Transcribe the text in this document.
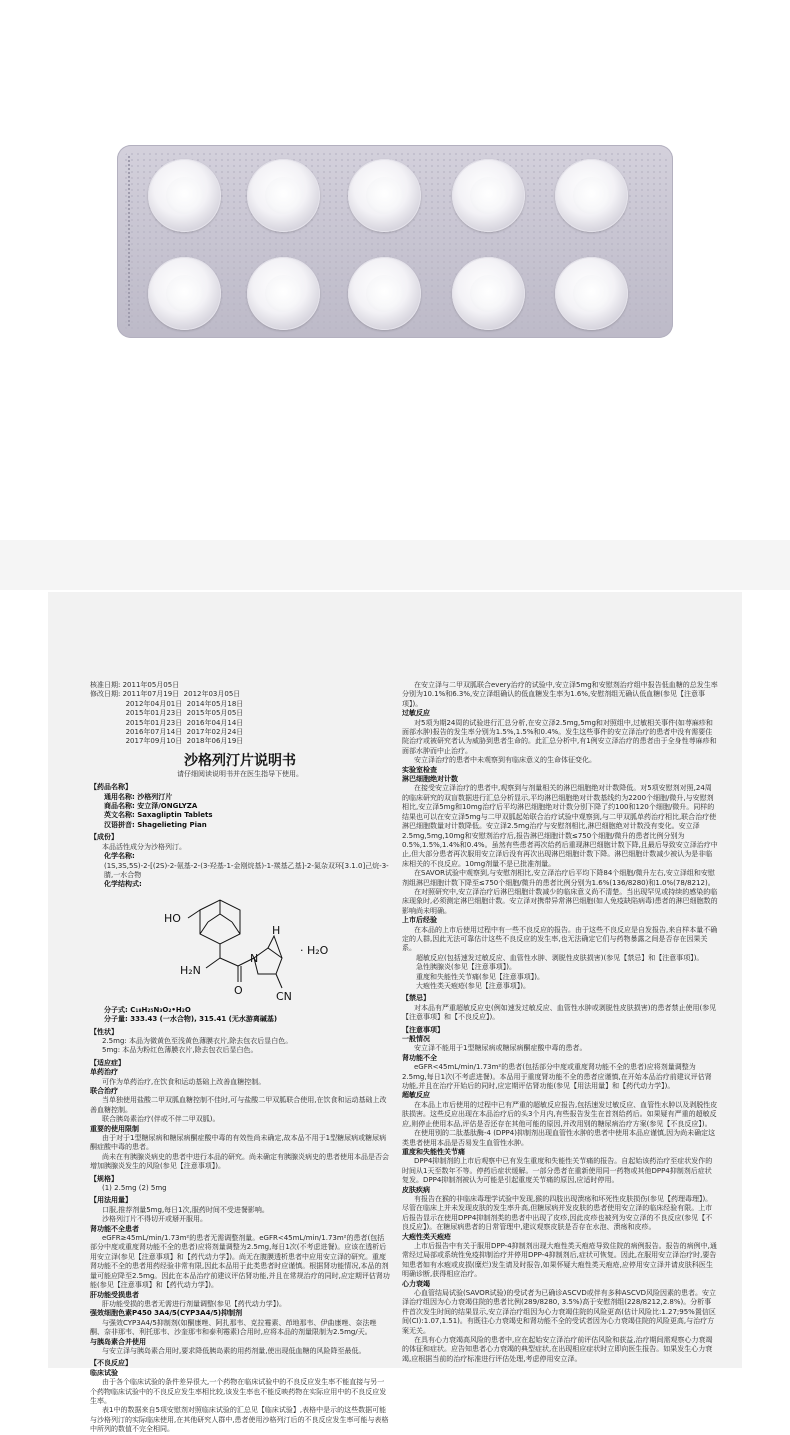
核准日期: 2011年05月05日
修改日期: 2011年07月19日  2012年03月05日
2012年04月01日  2014年05月18日
2015年01月23日  2015年05月05日
2015年01月23日  2016年04月14日
2016年07月14日  2017年02月24日
2017年09月10日  2018年06月19日
沙格列汀片说明书
请仔细阅读说明书并在医生指导下使用。
【药品名称】
通用名称: 沙格列汀片
商品名称: 安立泽/ONGLYZA
英文名称: Saxagliptin Tablets
汉语拼音: Shagelieting Pian
【成份】
本品活性成分为沙格列汀。
化学名称:
(1S,3S,5S)-2-[(2S)-2-氨基-2-(3-羟基-1-金刚烷基)-1-羰基乙基]-2-氮杂双环[3.1.0]己烷-3-腈,一水合物
化学结构式:
HO
H₂N
O
N
H
CN
· H₂O
分子式: C₁₈H₂₅N₃O₂•H₂O
分子量: 333.43 (一水合物), 315.41 (无水游离碱基)
【性状】
2.5mg: 本品为微黄色至浅黄色薄膜衣片,除去包衣后显白色。
5mg: 本品为粉红色薄膜衣片,除去包衣后显白色。
【适应症】
单药治疗
可作为单药治疗,在饮食和运动基础上改善血糖控制。
联合治疗
当单独使用盐酸二甲双胍血糖控制不佳时,可与盐酸二甲双胍联合使用,在饮食和运动基础上改善血糖控制。
联合胰岛素治疗(伴或不伴二甲双胍)。
重要的使用限制
由于对于1型糖尿病和糖尿病酮症酸中毒的有效性尚未确定,故本品不用于1型糖尿病或糖尿病酮症酸中毒的患者。
尚未在有胰腺炎病史的患者中进行本品的研究。尚未确定有胰腺炎病史的患者使用本品是否会增加胰腺炎发生的风险(参见【注意事项】)。
【规格】
(1) 2.5mg (2) 5mg
【用法用量】
口服,推荐剂量5mg,每日1次,服药时间不受进餐影响。
沙格列汀片不得切开或掰开服用。
肾功能不全患者
eGFR≥45mL/min/1.73m²的患者无需调整剂量。eGFR<45mL/min/1.73m²的患者(包括部分中度或重度肾功能不全的患者)应将剂量调整为2.5mg,每日1次(不考虑进餐)。应该在透析后用安立泽(参见【注意事项】和【药代动力学】)。尚无在腹膜透析患者中应用安立泽的研究。重度肾功能不全的患者用药经验非常有限,因此本品用于此类患者时应谨慎。根据肾功能情况,本品的剂量可能应降至2.5mg。因此在本品治疗前建议评估肾功能,并且在常规治疗的同时,应定期评估肾功能(参见【注意事项】和【药代动力学】)。
肝功能受损患者
肝功能受损的患者无需进行剂量调整(参见【药代动力学】)。
强效细胞色素P450 3A4/5(CYP3A4/5)抑制剂
与强效CYP3A4/5抑制剂(如酮康唑、阿扎那韦、克拉霉素、茚地那韦、伊曲康唑、奈法唑酮、奈非那韦、利托那韦、沙奎那韦和泰利霉素)合用时,应将本品的剂量限制为2.5mg/天。
与胰岛素合并使用
与安立泽与胰岛素合用时,要求降低胰岛素的用药剂量,使出现低血糖的风险降至最低。
【不良反应】
临床试验
由于各个临床试验的条件差异很大,一个药物在临床试验中的不良反应发生率不能直接与另一个药物临床试验中的不良反应发生率相比较,该发生率也不能反映药物在实际应用中的不良反应发生率。
表1中的数据来自5项安慰剂对照临床试验的汇总见【临床试验】,表格中是示的这些数据可能与沙格列汀的实际临床使用,在其他研究人群中,患者使用沙格列汀后的不良反应发生率可能与表格中所列的数值不完全相同。
在安立泽与二甲双胍联合every治疗的试验中,安立泽5mg和安慰剂治疗组中报告低血糖的总发生率分别为10.1%和6.3%,安立泽组确认的低血糖发生率为1.6%,安慰剂组无确认低血糖(参见【注意事项】)。
过敏反应
对5项为期24周的试验进行汇总分析,在安立泽2.5mg,5mg和对照组中,过敏相关事件(如荨麻疹和面部水肿)报告的发生率分别为1.5%,1.5%和0.4%。发生这些事件的安立泽治疗的患者中没有需要住院治疗或被研究者认为威胁到患者生命的。此汇总分析中,有1例安立泽治疗的患者由于全身性荨麻疹和面部水肿而中止治疗。
安立泽治疗的患者中未观察到有临床意义的生命体征变化。
实验室检查
淋巴细胞绝对计数
在接受安立泽治疗的患者中,观察到与剂量相关的淋巴细胞绝对计数降低。对5项安慰剂对照,24周的临床研究的双盲数据进行汇总分析显示,平均淋巴细胞绝对计数基线约为2200个细胞/微升,与安慰剂相比,安立泽5mg和10mg治疗后平均淋巴细胞绝对计数分别下降了约100和120个细胞/微升。同样的结果也可以在安立泽5mg与二甲双胍起始联合治疗试验中观察到,与二甲双胍单药治疗相比,联合治疗使淋巴细胞数量对计数降低。安立泽2.5mg治疗与安慰剂相比,淋巴细胞绝对计数没有变化。安立泽2.5mg,5mg,10mg和安慰剂治疗后,报告淋巴细胞计数≤750个细胞/微升的患者比例分别为0.5%,1.5%,1.4%和0.4%。虽然有些患者再次给药后重现淋巴细胞计数下降,且最后导致安立泽治疗中止,但大部分患者再次服用安立泽后没有再次出现淋巴细胞计数下降。淋巴细胞计数减少被认为是非临床相关的不良反应。10mg剂量不是已批准剂量。
在SAVOR试验中观察到,与安慰剂相比,安立泽治疗后平均下降84个细胞/微升左右,安立泽组和安慰剂组淋巴细胞计数下降至≤750个细胞/微升的患者比例分别为1.6%(136/8280)和1.0%(78/8212)。
在对照研究中,安立泽治疗后淋巴细胞计数减少的临床意义尚不清楚。当出现罕见或持续的感染的临床现象时,必须测定淋巴细胞计数。安立泽对携带异常淋巴细胞(如人免疫缺陷病毒)患者的淋巴细胞数的影响尚未明确。
上市后经验
在本品的上市后使用过程中有一些不良反应的报告。由于这些不良反应是自发报告,来自样本量不确定的人群,因此无法可靠估计这些不良反应的发生率,也无法确定它们与药物暴露之间是否存在因果关系。
超敏反应(包括速发过敏反应、血管性水肿、剥脱性皮肤损害)(参见【禁忌】和【注意事项】)。
急性胰腺炎(参见【注意事项】)。
重度和失能性关节痛(参见【注意事项】)。
大疱性类天疱疮(参见【注意事项】)。
【禁忌】
对本品有严重超敏反应史(例如速发过敏反应、血管性水肿或剥脱性皮肤损害)的患者禁止使用(参见【注意事项】和【不良反应】)。
【注意事项】
一般情况
安立泽不能用于1型糖尿病或糖尿病酮症酸中毒的患者。
肾功能不全
eGFR<45mL/min/1.73m²的患者(包括部分中度或重度肾功能不全的患者)应将剂量调整为2.5mg,每日1次(不考虑进餐)。本品用于重度肾功能不全的患者应谨慎,在开始本品治疗前建议评估肾功能,并且在治疗开始后的同时,应定期评估肾功能(参见【用法用量】和【药代动力学】)。
超敏反应
在本品上市后使用的过程中已有严重的超敏反应报告,包括速发过敏反应、血管性水肿以及剥脱性皮肤损害。这些反应出现在本品治疗后的头3个月内,有些报告发生在首剂给药后。如果疑有严重的超敏反应,则停止使用本品,评估是否还存在其他可能的原因,并改用别的糖尿病治疗方案(参见【不良反应】)。
在使用别的二肽基肽酶-4 (DPP4)抑制剂出现血管性水肿的患者中使用本品应谨慎,因为尚未确定这类患者使用本品是否易发生血管性水肿。
重度和失能性关节痛
DPP4抑制剂的上市后观察中已有发生重度和失能性关节痛的报告。自起始该药治疗至症状发作的时间从1天至数年不等。停药后症状缓解。一部分患者在重新使用同一药物或其他DPP4抑制剂后症状复发。DPP4抑制剂被认为可能是引起重度关节痛的原因,应适时停用。
皮肤疾病
有报告在猴的非临床毒理学试验中发现,猴的四肢出现溃疡和坏死性皮肤损伤(参见【药理毒理】)。尽管在临床上并未发现皮肤的发生率升高,但糖尿病并发皮肤的患者使用安立泽的临床经验有限。上市后报告显示在使用DPP4抑制剂类的患者中出现了皮疹,因此皮疹也被列为安立泽的不良反应(参见【不良反应】)。在糖尿病患者的日常管理中,建议观察皮肤是否存在水泡、溃疡和皮疹。
大疱性类天疱疮
上市后报告中有关于服用DPP-4抑制剂出现大疱性类天疱疮导致住院的病例报告。报告的病例中,通常经过局部或系统性免疫抑制治疗并停用DPP-4抑制剂后,症状可恢复。因此,在服用安立泽治疗时,要告知患者如有水疱或皮损(糜烂)发生请及时报告,如果怀疑大疱性类天疱疮,应停用安立泽并请皮肤科医生明确诊断,获得相应治疗。
心力衰竭
心血管结局试验(SAVOR试验)的受试者为已确诊ASCVD或伴有多种ASCVD风险因素的患者。安立泽治疗组因为心力衰竭住院的患者比例(289/8280, 3.5%)高于安慰剂组(228/8212,2.8%)。分析事件首次发生时间的结果显示,安立泽治疗组因为心力衰竭住院的风险更高(估计风险比:1.27;95%置信区间(CI):1.07,1.51)。有既往心力衰竭史和肾功能不全的受试者因为心力衰竭住院的风险更高,与治疗方案无关。
在具有心力衰竭高风险的患者中,应在起始安立泽治疗前评估风险和获益,治疗期间需观察心力衰竭的体征和症状。应告知患者心力衰竭的典型症状,在出现相应症状时立即向医生报告。如果发生心力衰竭,应根据当前的治疗标准进行评估处理,考虑停用安立泽。
